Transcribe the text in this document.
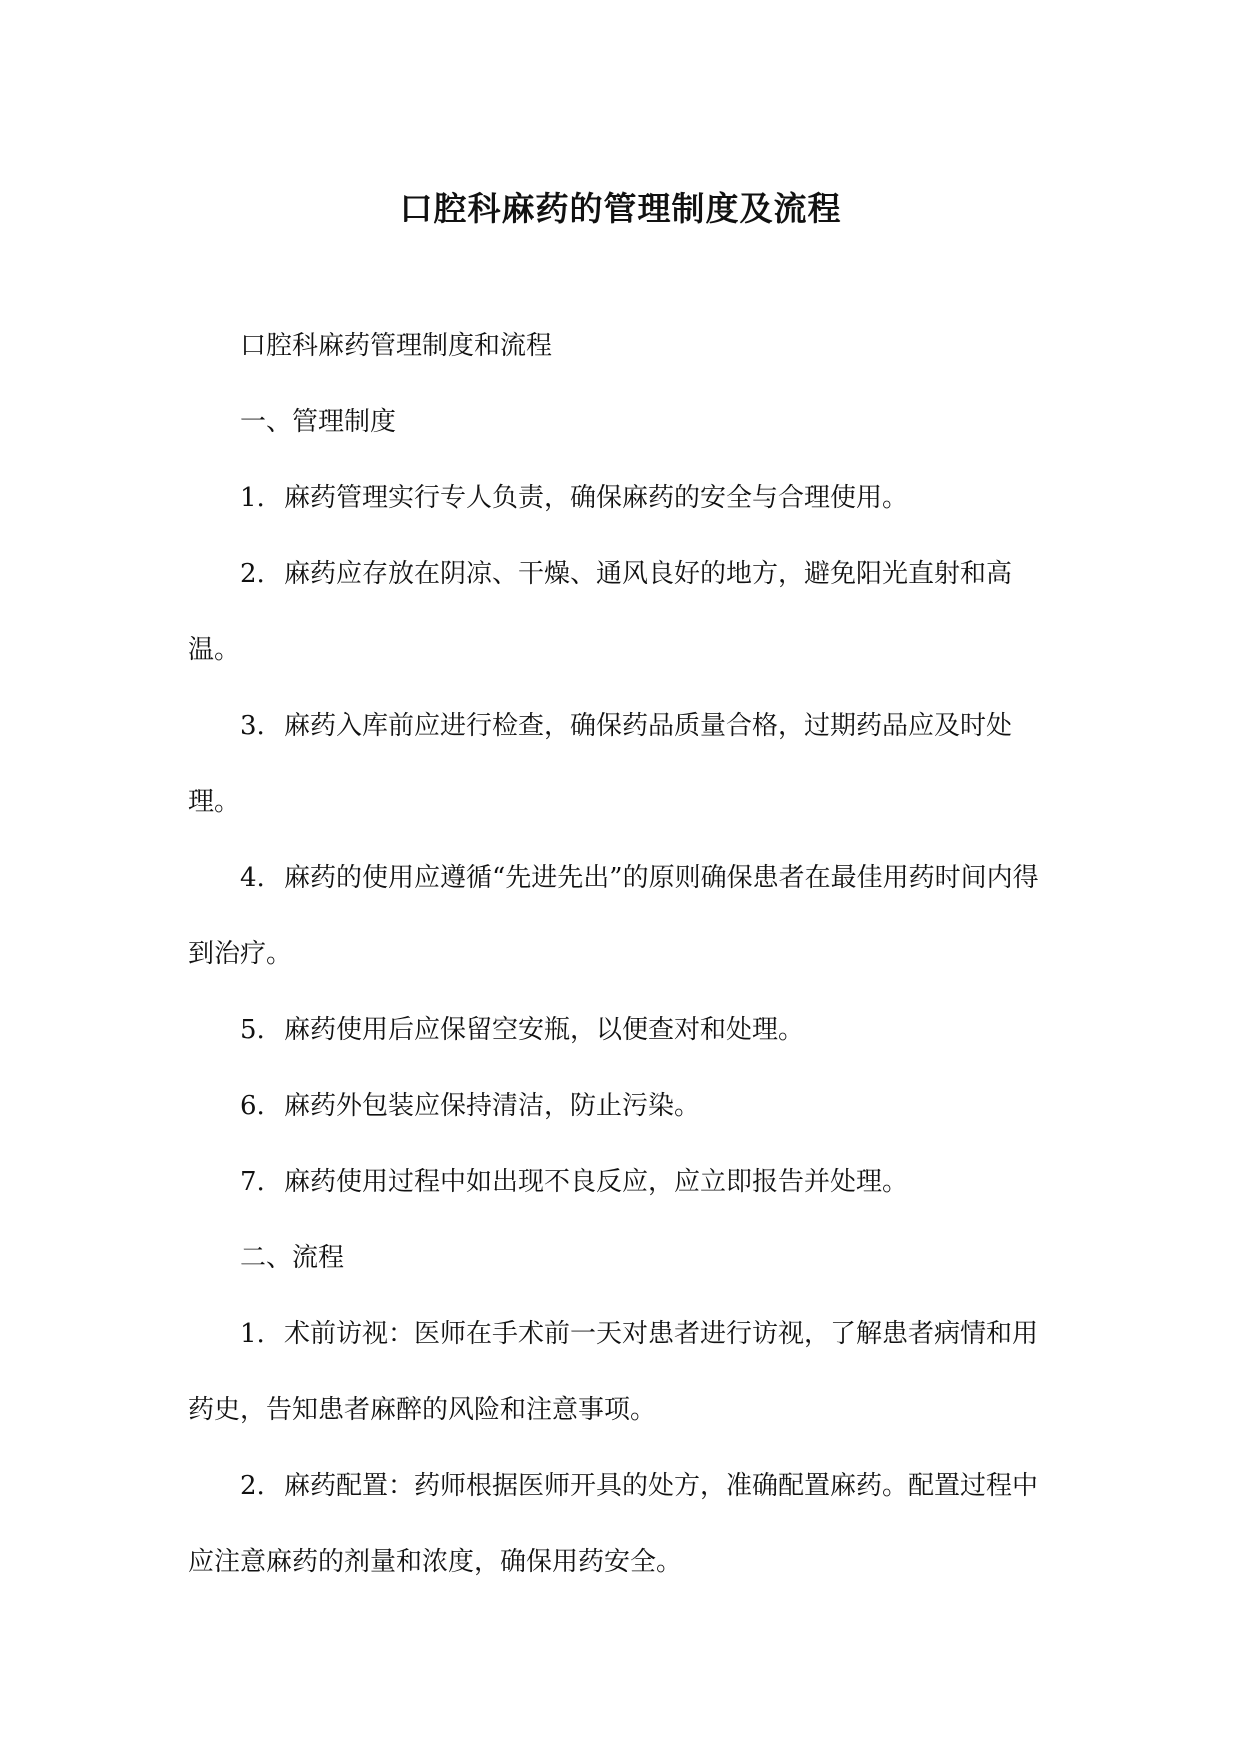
口腔科麻药的管理制度及流程

口腔科麻药管理制度和流程

一、管理制度

1. 麻药管理实行专人负责，确保麻药的安全与合理使用。

2. 麻药应存放在阴凉、干燥、通风良好的地方，避免阳光直射和高温。

3. 麻药入库前应进行检查，确保药品质量合格，过期药品应及时处理。

4. 麻药的使用应遵循“先进先出”的原则确保患者在最佳用药时间内得到治疗。

5. 麻药使用后应保留空安瓶，以便查对和处理。

6. 麻药外包装应保持清洁，防止污染。

7. 麻药使用过程中如出现不良反应，应立即报告并处理。

二、流程

1. 术前访视：医师在手术前一天对患者进行访视，了解患者病情和用药史，告知患者麻醉的风险和注意事项。

2. 麻药配置：药师根据医师开具的处方，准确配置麻药。配置过程中应注意麻药的剂量和浓度，确保用药安全。
